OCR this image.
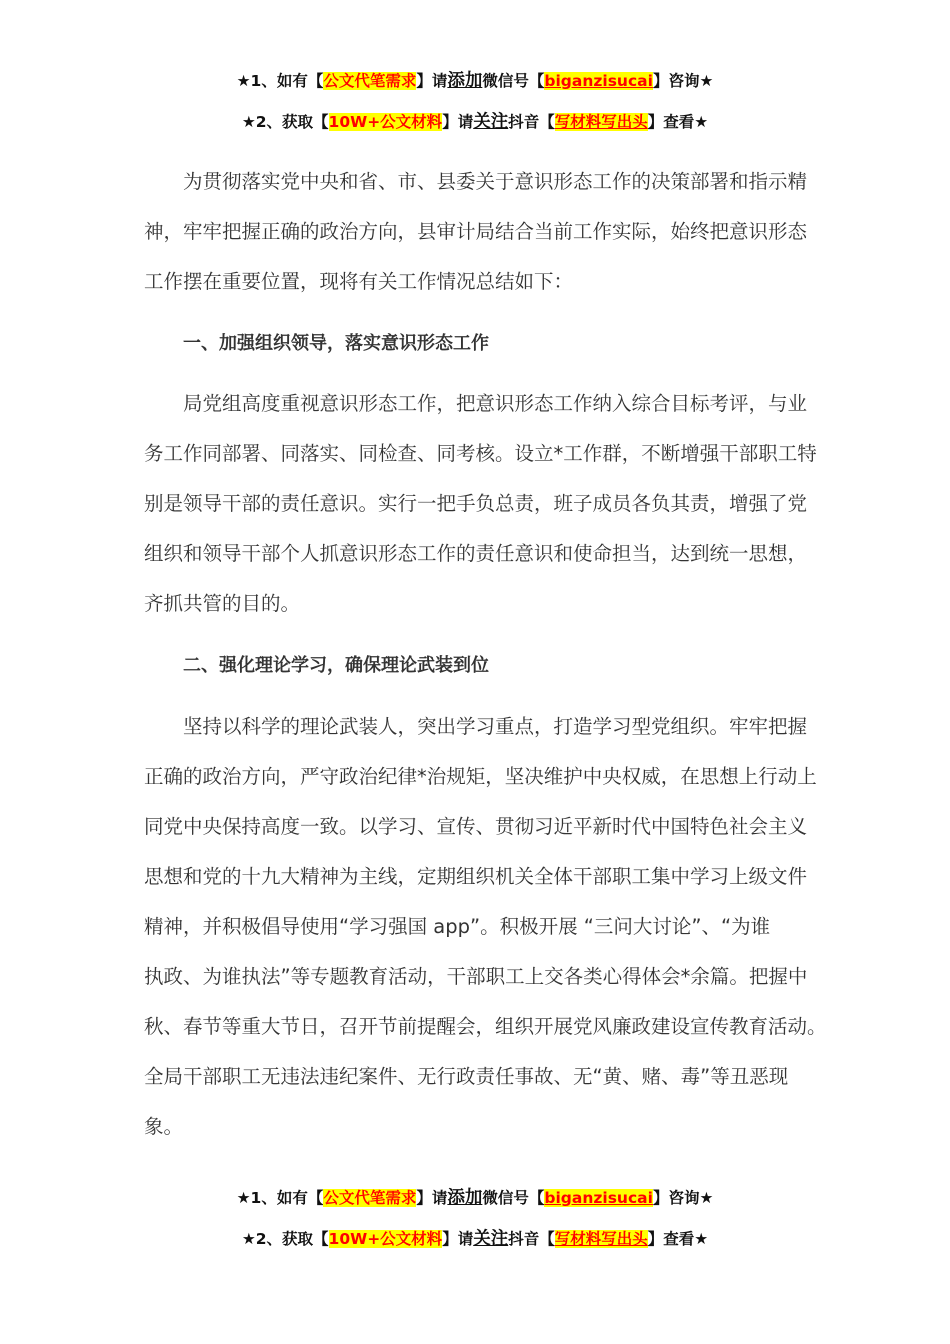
★1、如有【公文代笔需求】请添加微信号【biganzisucai】咨询★
★2、获取【10W+公文材料】请关注抖音【写材料写出头】查看★
为贯彻落实党中央和省、市、县委关于意识形态工作的决策部署和指示精
神，牢牢把握正确的政治方向，县审计局结合当前工作实际，始终把意识形态
工作摆在重要位置，现将有关工作情况总结如下：
一、加强组织领导，落实意识形态工作
局党组高度重视意识形态工作，把意识形态工作纳入综合目标考评，与业
务工作同部署、同落实、同检查、同考核。设立*工作群，不断增强干部职工特
别是领导干部的责任意识。实行一把手负总责，班子成员各负其责，增强了党
组织和领导干部个人抓意识形态工作的责任意识和使命担当，达到统一思想，
齐抓共管的目的。
二、强化理论学习，确保理论武装到位
坚持以科学的理论武装人，突出学习重点，打造学习型党组织。牢牢把握
正确的政治方向，严守政治纪律*治规矩，坚决维护中央权威，在思想上行动上
同党中央保持高度一致。以学习、宣传、贯彻习近平新时代中国特色社会主义
思想和党的十九大精神为主线，定期组织机关全体干部职工集中学习上级文件
精神，并积极倡导使用“学习强国 app”。积极开展 “三问大讨论”、“为谁
执政、为谁执法”等专题教育活动，干部职工上交各类心得体会*余篇。把握中
秋、春节等重大节日，召开节前提醒会，组织开展党风廉政建设宣传教育活动。
全局干部职工无违法违纪案件、无行政责任事故、无“黄、赌、毒”等丑恶现
象。
★1、如有【公文代笔需求】请添加微信号【biganzisucai】咨询★
★2、获取【10W+公文材料】请关注抖音【写材料写出头】查看★
